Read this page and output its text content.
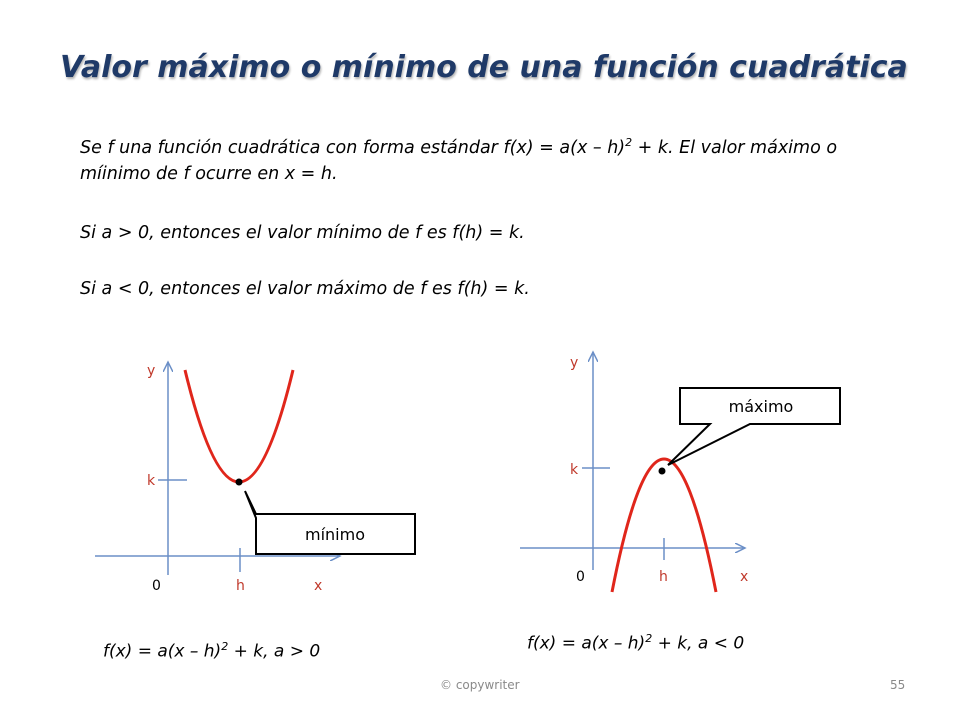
Valor máximo o mínimo de una función cuadrática

Se f una función cuadrática con forma estándar f(x) = a(x – h)$^2$ + k. El valor máximo o míinimo de f ocurre en x = h.

Si a > 0, entonces el valor mínimo de f es f(h) = k.

Si a < 0, entonces el valor máximo de f es f(h) = k.

y
k
0	h	x
mínimo
y
k
0	h	x
máximo
f(x) = a(x – h)$^2$ + k, a > 0	f(x) = a(x – h)$^2$ + k, a < 0
© copywriter	55
